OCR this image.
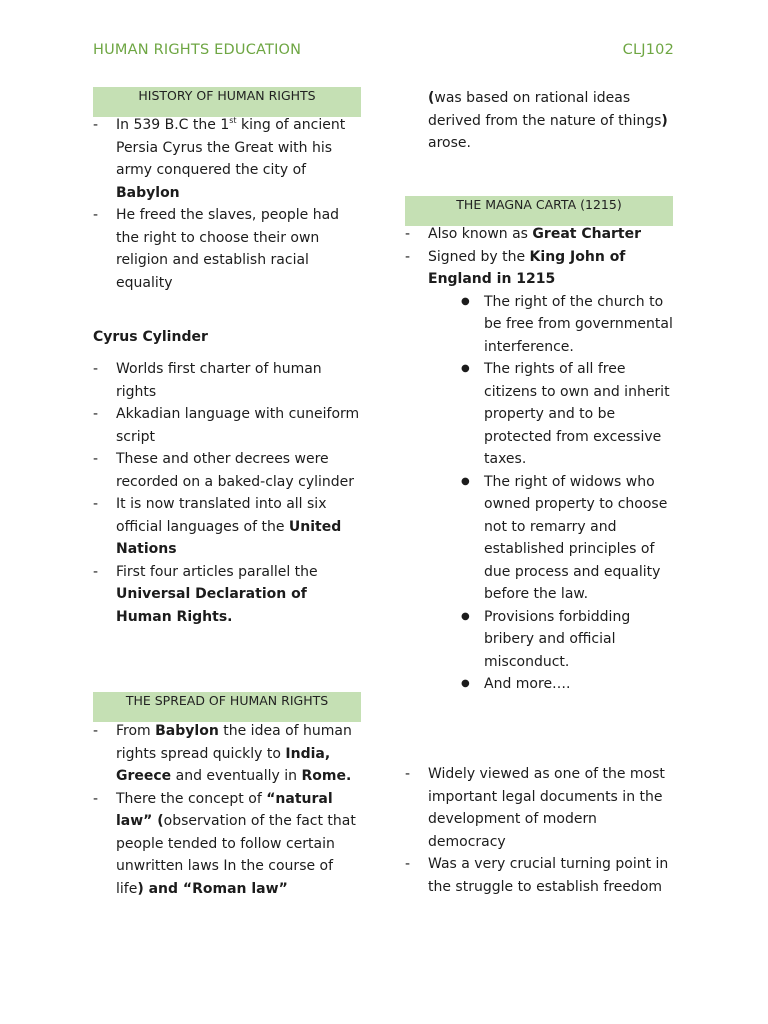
HUMAN RIGHTS EDUCATION	CLJ102
HISTORY OF HUMAN RIGHTS
- In 539 B.C the 1st king of ancient Persia Cyrus the Great with his army conquered the city of Babylon
- He freed the slaves, people had the right to choose their own religion and establish racial equality
Cyrus Cylinder
- Worlds first charter of human rights
- Akkadian language with cuneiform script
- These and other decrees were recorded on a baked-clay cylinder
- It is now translated into all six official languages of the United Nations
- First four articles parallel the Universal Declaration of Human Rights.
THE SPREAD OF HUMAN RIGHTS
- From Babylon the idea of human rights spread quickly to India, Greece and eventually in Rome.
- There the concept of “natural law” (observation of the fact that people tended to follow certain unwritten laws In the course of life) and “Roman law”
(was based on rational ideas derived from the nature of things) arose.
THE MAGNA CARTA (1215)
- Also known as Great Charter
- Signed by the King John of England in 1215
● The right of the church to be free from governmental interference.
● The rights of all free citizens to own and inherit property and to be protected from excessive taxes.
● The right of widows who owned property to choose not to remarry and established principles of due process and equality before the law.
● Provisions forbidding bribery and official misconduct.
● And more….
- Widely viewed as one of the most important legal documents in the development of modern democracy
- Was a very crucial turning point in the struggle to establish freedom
